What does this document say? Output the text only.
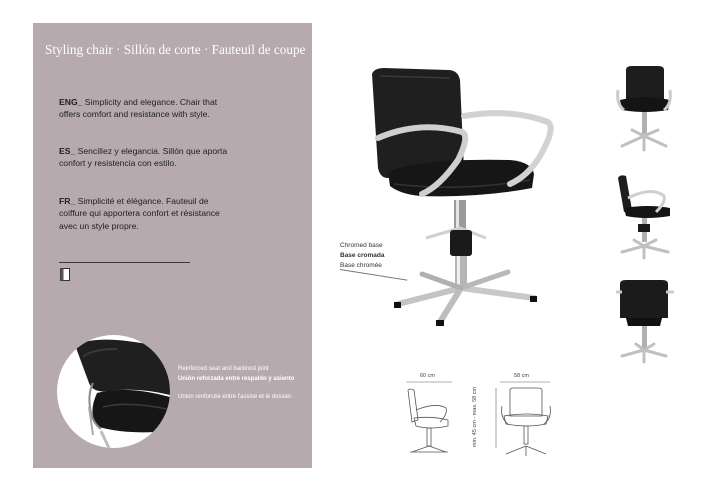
Styling chair · Sillón de corte · Fauteuil de coupe
ENG_ Simplicity and elegance. Chair that offers comfort and resistance with style.
ES_ Sencillez y elegancia. Sillón que aporta confort y resistencia con estilo.
FR_ Simplicité et élégance. Fauteuil de coiffure qui apportera confort et résistance avec un style propre.
Reinforced seat and backrest joint
Unión reforzada entre respaldo y asiento
Union renforcée entre l'assise et le dossier.
Chromed base
Base cromada
Base chromée
60 cm	58 cm
min. 45 cm - max. 58 cm
